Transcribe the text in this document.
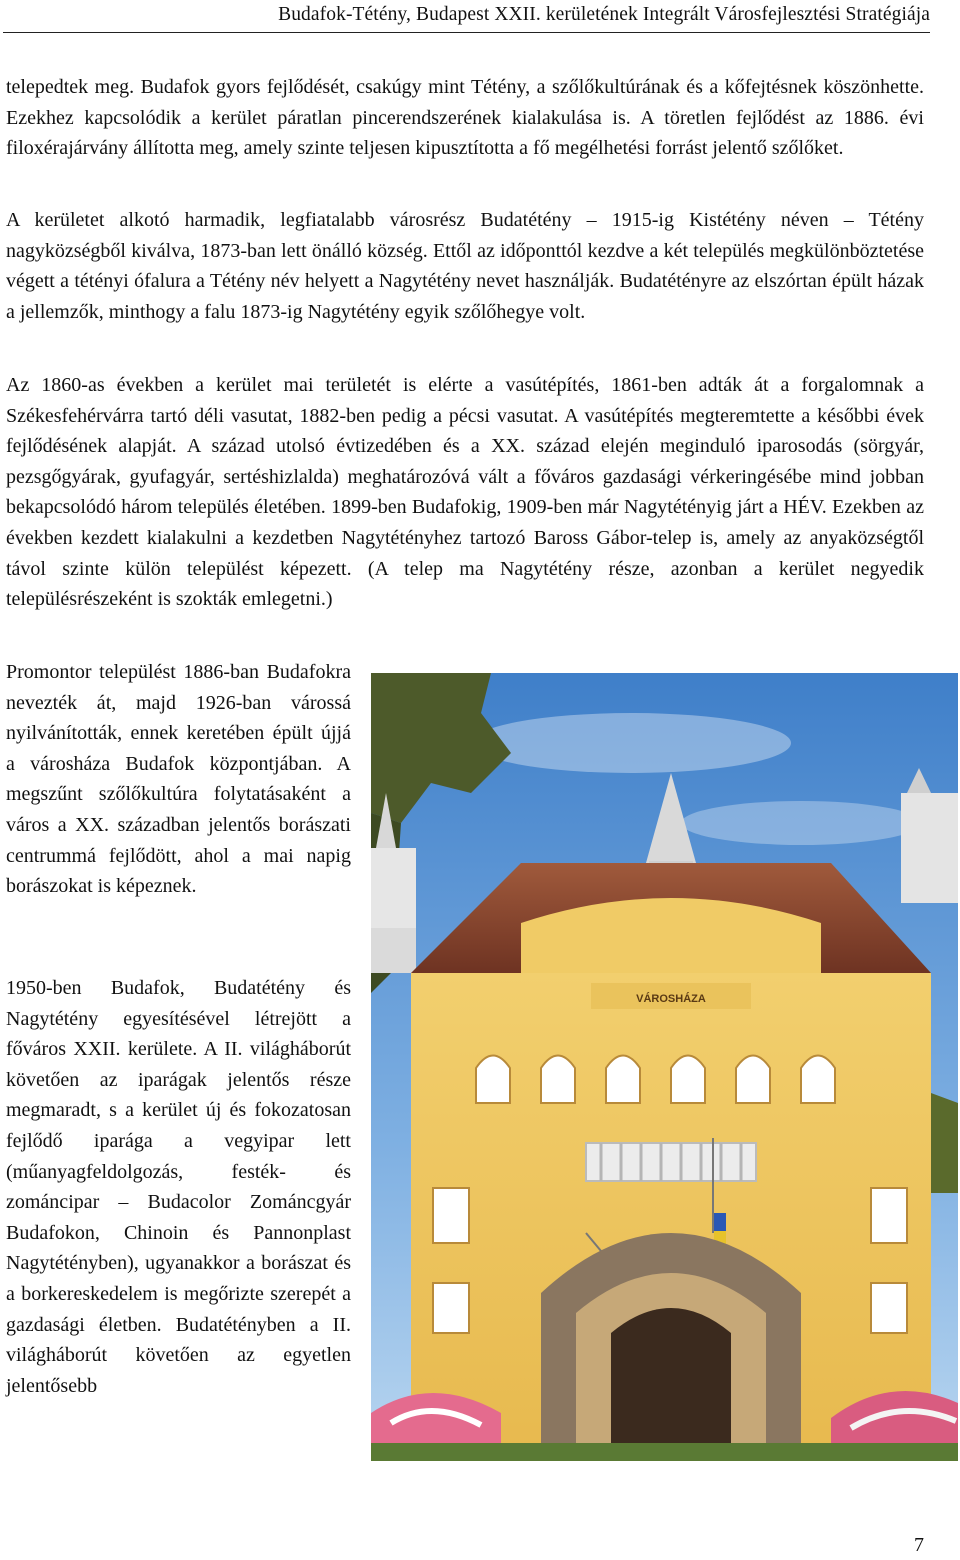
Budafok-Tétény, Budapest XXII. kerületének Integrált Városfejlesztési Stratégiája

telepedtek meg. Budafok gyors fejlődését, csakúgy mint Tétény, a szőlőkultúrának és a kőfejtésnek köszönhette. Ezekhez kapcsolódik a kerület páratlan pincerendszerének kialakulása is. A töretlen fejlődést az 1886. évi filoxérajárvány állította meg, amely szinte teljesen kipusztította a fő megélhetési forrást jelentő szőlőket.

A kerületet alkotó harmadik, legfiatalabb városrész Budatétény – 1915-ig Kistétény néven – Tétény nagyközségből kiválva, 1873-ban lett önálló község. Ettől az időponttól kezdve a két település megkülönböztetése végett a tétényi ófalura a Tétény név helyett a Nagytétény nevet használják. Budatétényre az elszórtan épült házak a jellemzők, minthogy a falu 1873-ig Nagytétény egyik szőlőhegye volt.

Az 1860-as években a kerület mai területét is elérte a vasútépítés, 1861-ben adták át a forgalomnak a Székesfehérvárra tartó déli vasutat, 1882-ben pedig a pécsi vasutat. A vasútépítés megteremtette a későbbi évek fejlődésének alapját. A század utolsó évtizedében és a XX. század elején meginduló iparosodás (sörgyár, pezsgőgyárak, gyufagyár, sertéshizlalda) meghatározóvá vált a főváros gazdasági vérkeringésébe mind jobban bekapcsolódó három település életében. 1899-ben Budafokig, 1909-ben már Nagytétényig járt a HÉV. Ezekben az években kezdett kialakulni a kezdetben Nagytétényhez tartozó Baross Gábor-telep is, amely az anyaközségtől távol szinte külön települést képezett. (A telep ma Nagytétény része, azonban a kerület negyedik településrészeként is szokták emlegetni.)

Promontor települést 1886-ban Budafokra nevezték át, majd 1926-ban várossá nyilvánították, ennek keretében épült újjá a városháza Budafok központjában. A megszűnt szőlőkultúra folytatásaként a város a XX. században jelentős borászati centrummá fejlődött, ahol a mai napig borászokat is képeznek.

1950-ben Budafok, Budatétény és Nagytétény egyesítésével létrejött a főváros XXII. kerülete. A II. világháborút követően az iparágak jelentős része megmaradt, s a kerület új és fokozatosan fejlődő iparága a vegyipar lett (műanyagfeldolgozás, festék- és zománcipar – Budacolor Zománcgyár Budafokon, Chinoin és Pannonplast Nagytétényben), ugyanakkor a borászat és a borkereskedelem is megőrizte szerepét a gazdasági életben. Budatétényben a II. világháborút követően az egyetlen jelentősebb

VÁROSHÁZA
7
